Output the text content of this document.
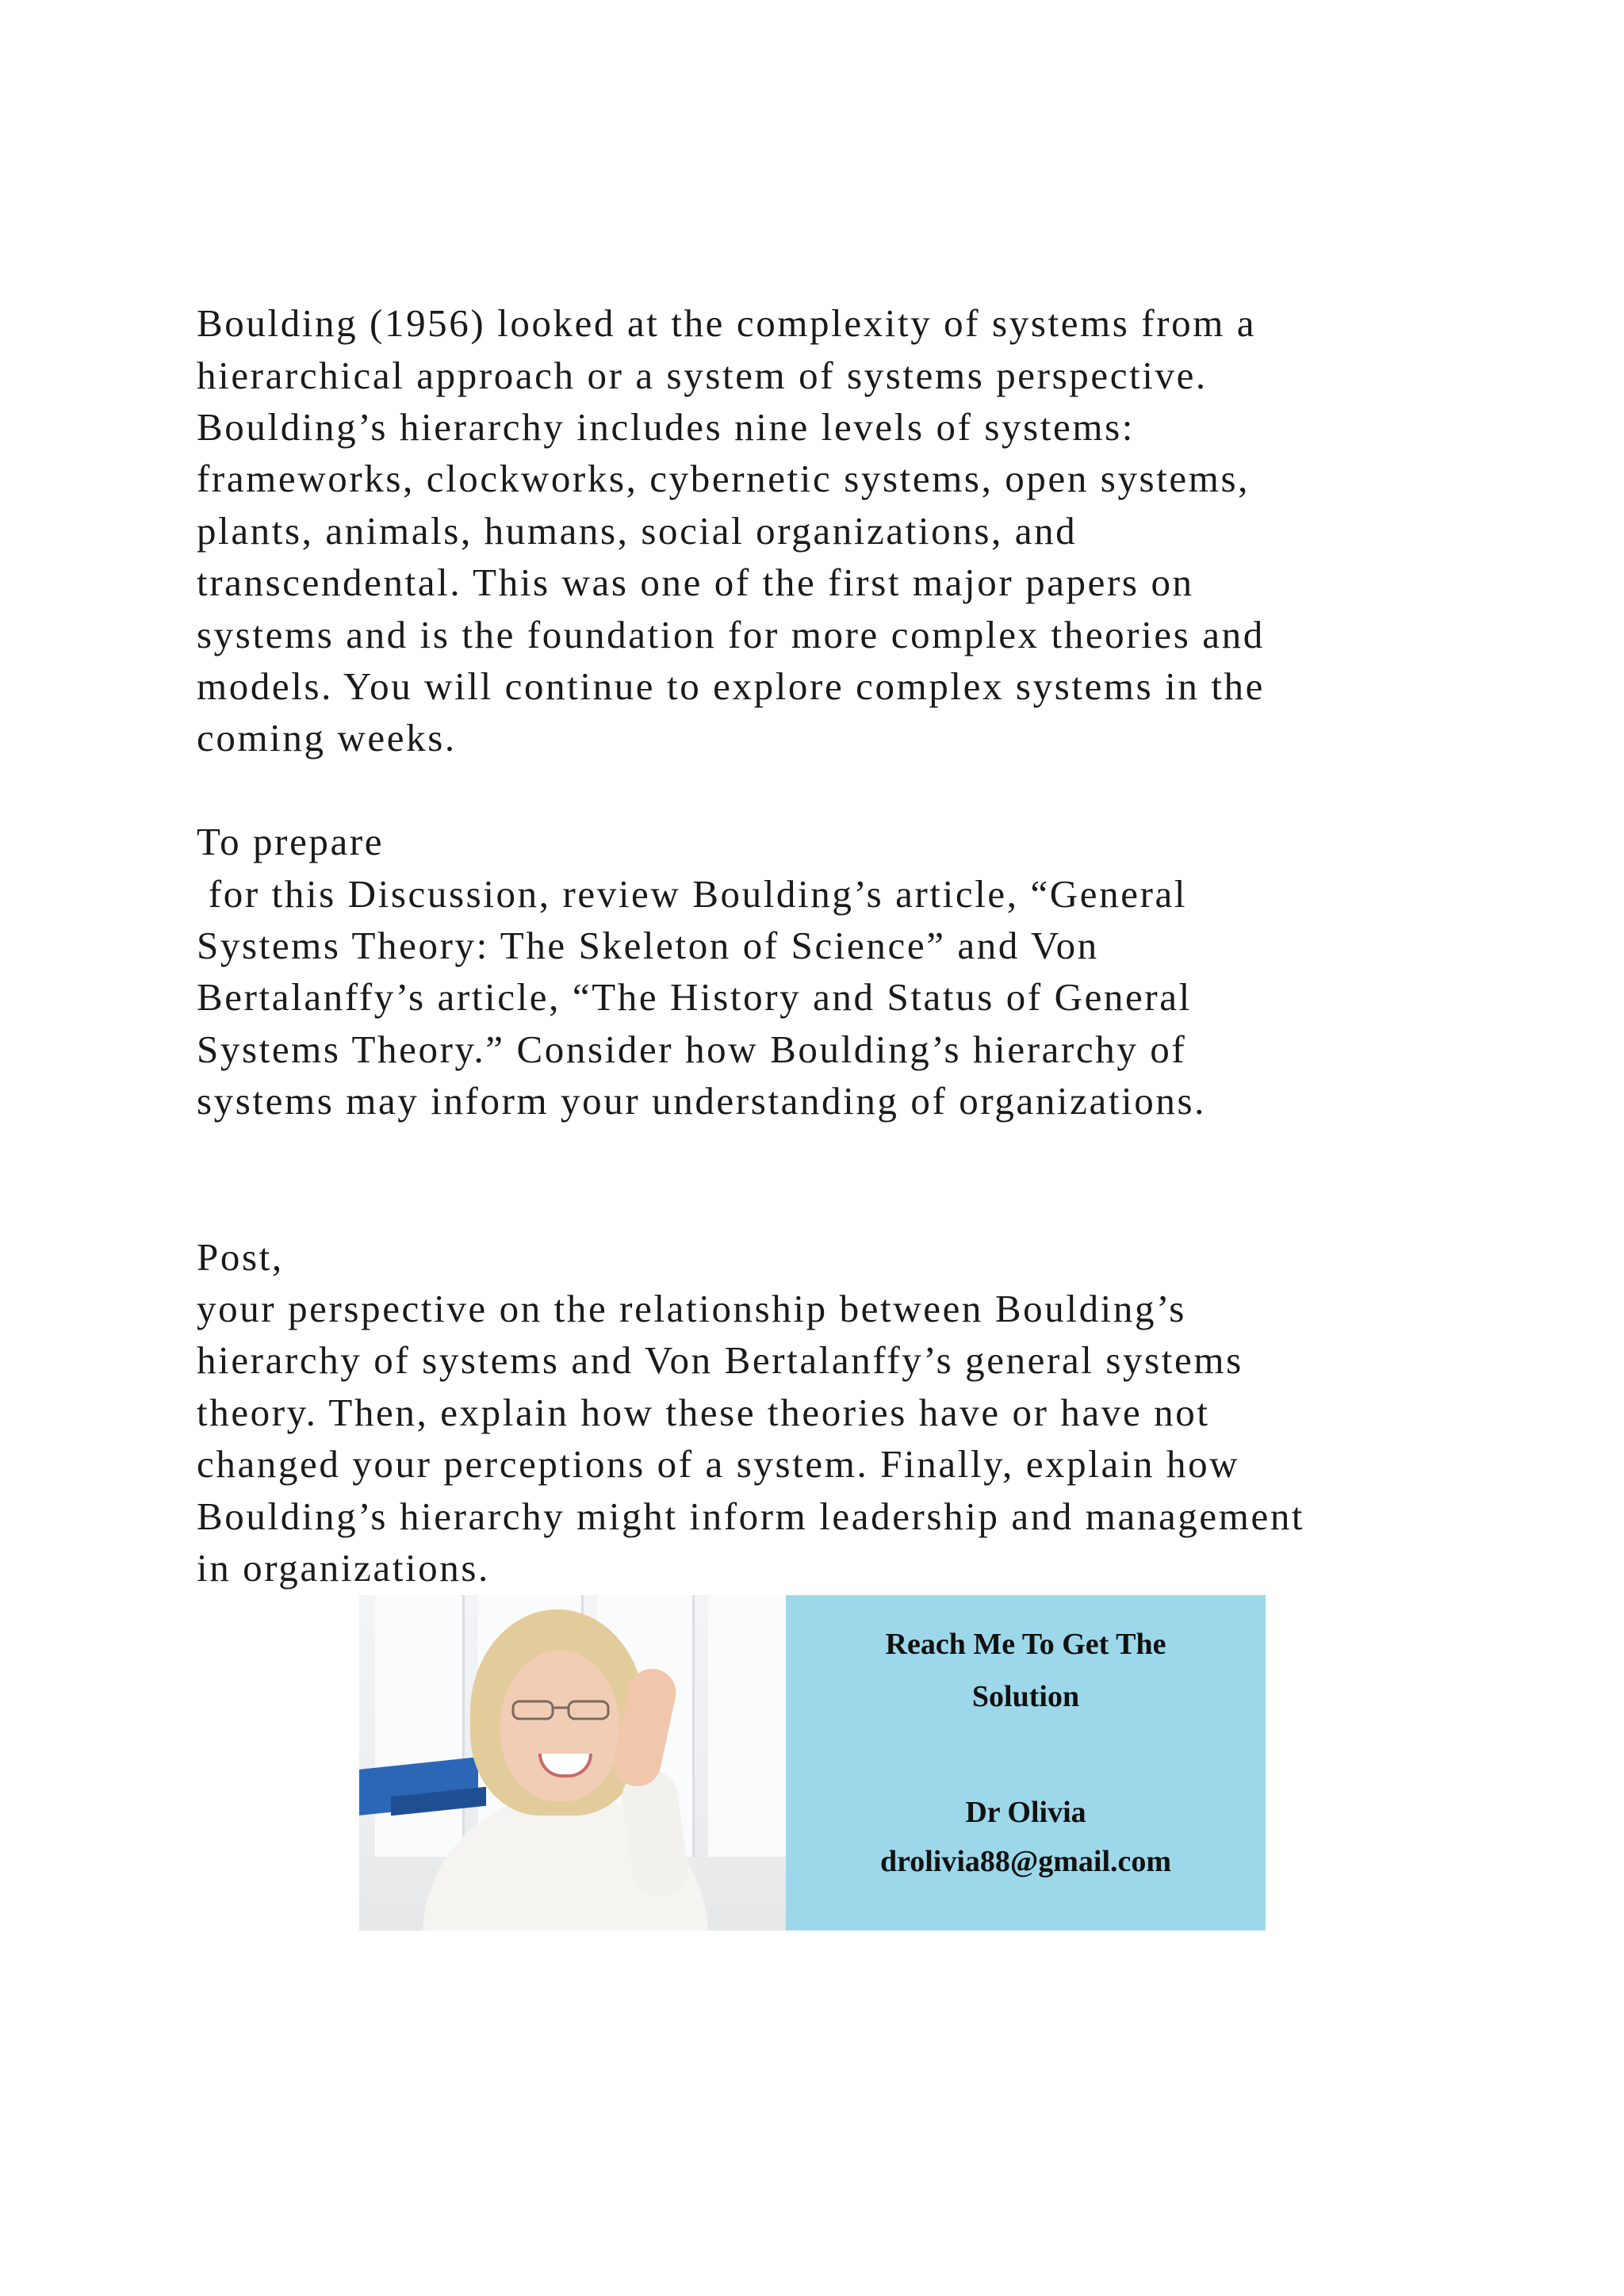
Boulding (1956) looked at the complexity of systems from a
hierarchical approach or a system of systems perspective.
Boulding’s hierarchy includes nine levels of systems:
frameworks, clockworks, cybernetic systems, open systems,
plants, animals, humans, social organizations, and
transcendental. This was one of the first major papers on
systems and is the foundation for more complex theories and
models. You will continue to explore complex systems in the
coming weeks.
To prepare
for this Discussion, review Boulding’s article, “General
Systems Theory: The Skeleton of Science” and Von
Bertalanffy’s article, “The History and Status of General
Systems Theory.” Consider how Boulding’s hierarchy of
systems may inform your understanding of organizations.
Post,
your perspective on the relationship between Boulding’s
hierarchy of systems and Von Bertalanffy’s general systems
theory. Then, explain how these theories have or have not
changed your perceptions of a system. Finally, explain how
Boulding’s hierarchy might inform leadership and management
in organizations.
Reach Me To Get The
Solution
Dr Olivia
drolivia88@gmail.com
